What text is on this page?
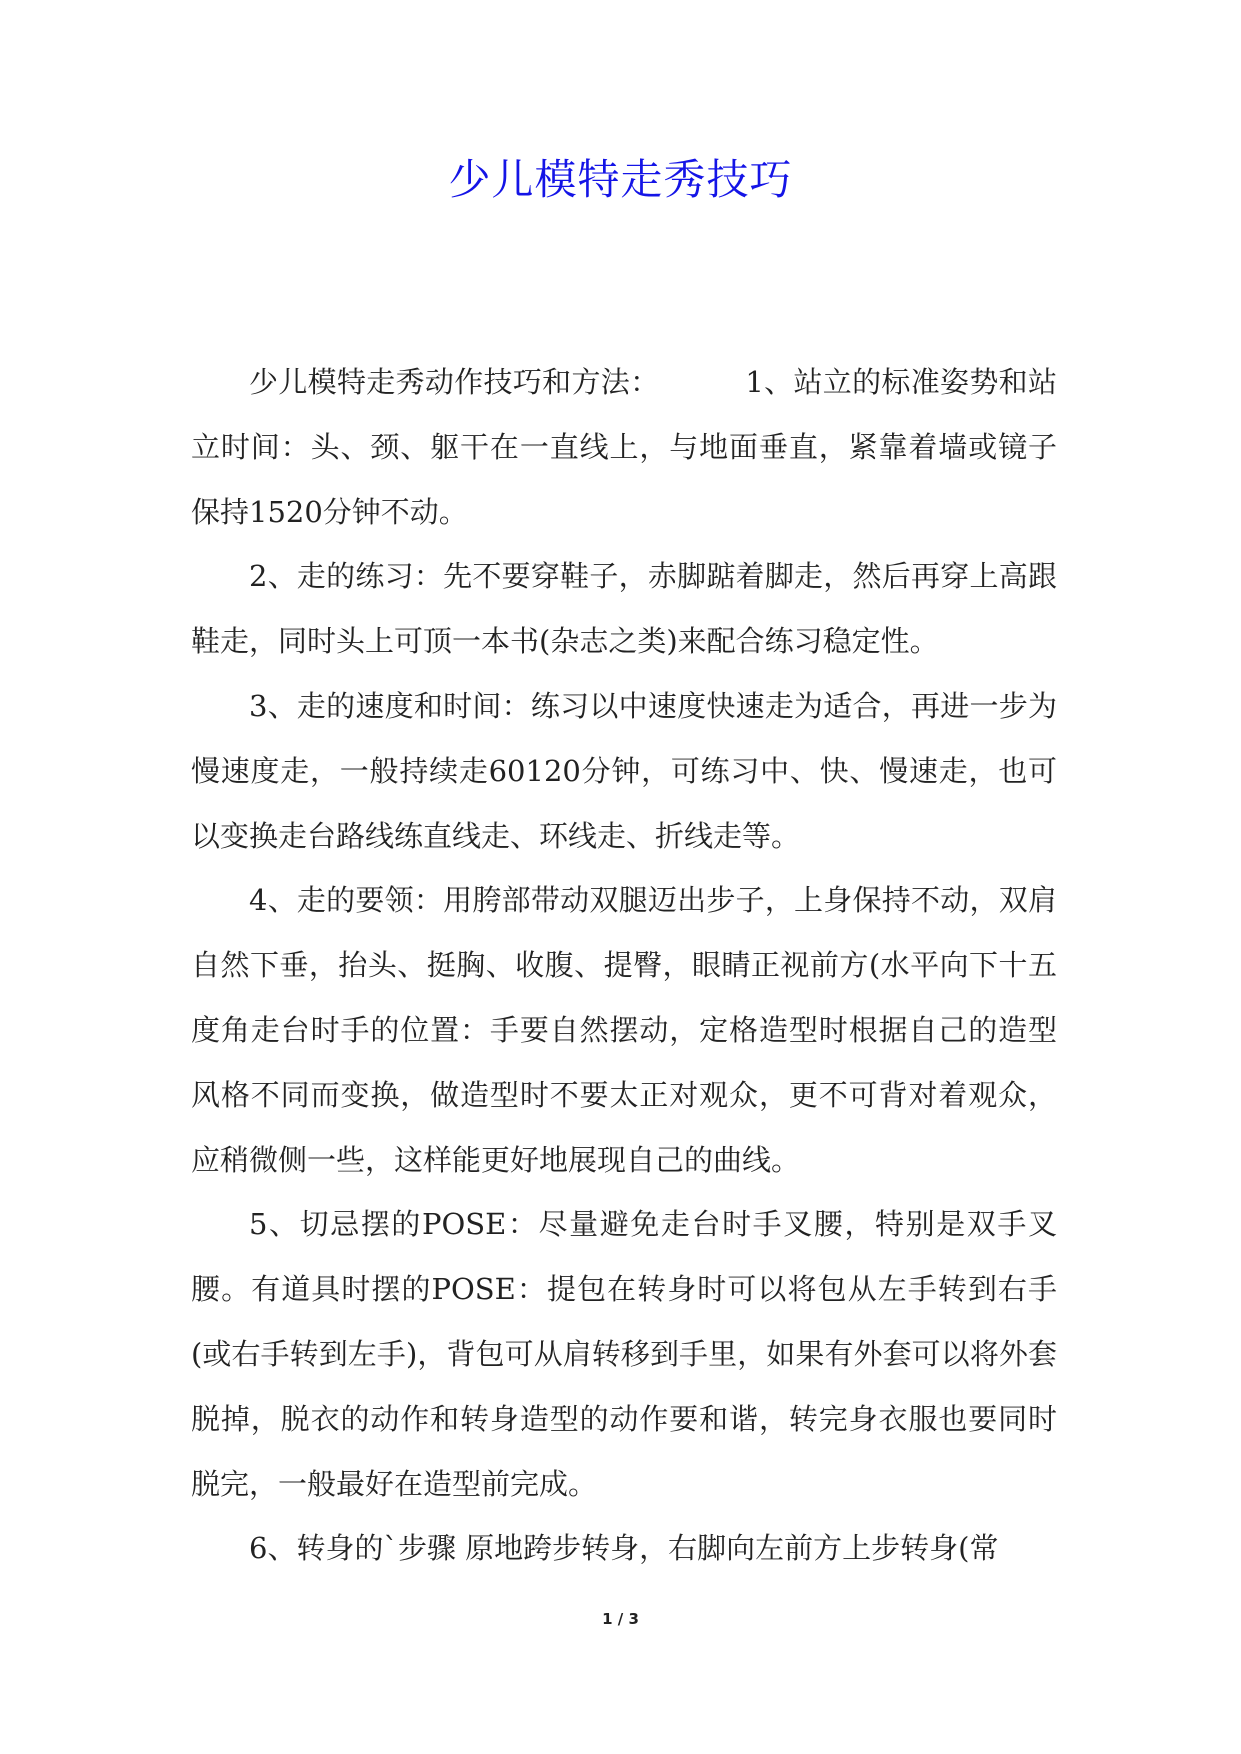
少儿模特走秀技巧

少儿模特走秀动作技巧和方法：	1、站立的标准姿势和站立时间：头、颈、躯干在一直线上，与地面垂直，紧靠着墙或镜子保持1520分钟不动。

2、走的练习：先不要穿鞋子，赤脚踮着脚走，然后再穿上高跟鞋走，同时头上可顶一本书(杂志之类)来配合练习稳定性。

3、走的速度和时间：练习以中速度快速走为适合，再进一步为慢速度走，一般持续走60120分钟，可练习中、快、慢速走，也可以变换走台路线练直线走、环线走、折线走等。

4、走的要领：用胯部带动双腿迈出步子，上身保持不动，双肩自然下垂，抬头、挺胸、收腹、提臀，眼睛正视前方(水平向下十五度角走台时手的位置：手要自然摆动，定格造型时根据自己的造型风格不同而变换，做造型时不要太正对观众，更不可背对着观众，应稍微侧一些，这样能更好地展现自己的曲线。

5、切忌摆的POSE：尽量避免走台时手叉腰，特别是双手叉腰。有道具时摆的POSE：提包在转身时可以将包从左手转到右手(或右手转到左手)，背包可从肩转移到手里，如果有外套可以将外套脱掉，脱衣的动作和转身造型的动作要和谐，转完身衣服也要同时脱完，一般最好在造型前完成。

6、转身的`步骤 原地跨步转身，右脚向左前方上步转身(常

1 / 3
